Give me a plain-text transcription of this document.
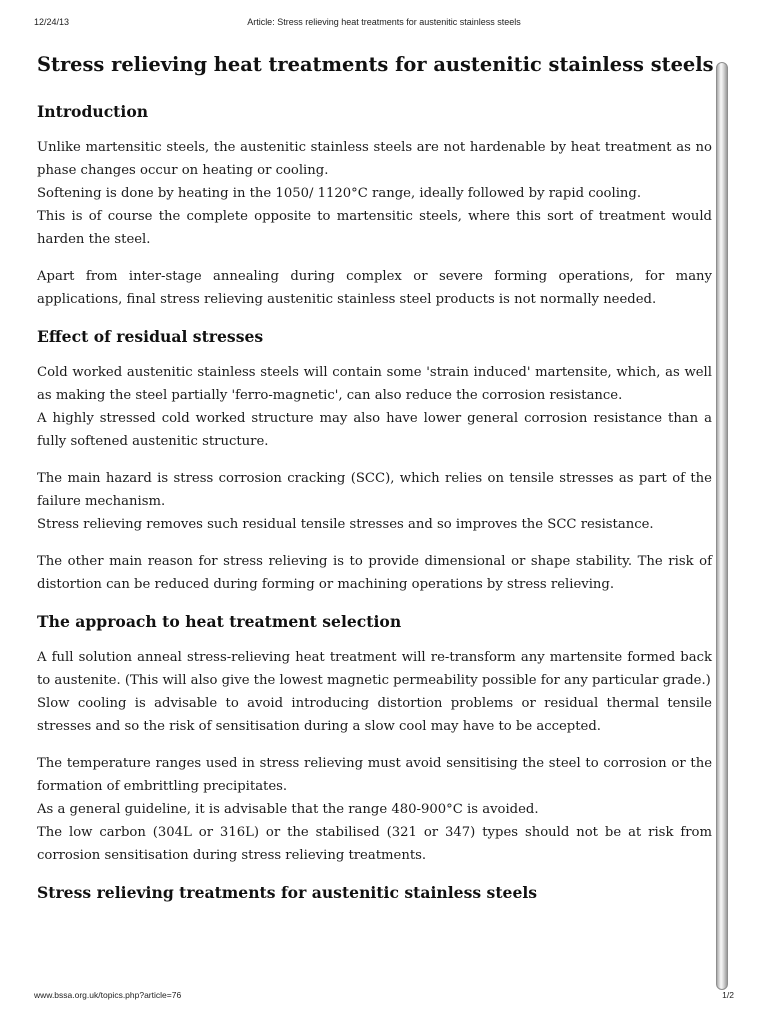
12/24/13	Article: Stress relieving heat treatments for austenitic stainless steels
Stress relieving heat treatments for austenitic stainless steels
Introduction

Unlike martensitic steels, the austenitic stainless steels are not hardenable by heat treatment as no phase changes occur on heating or cooling.
Softening is done by heating in the 1050/ 1120°C range, ideally followed by rapid cooling.
This is of course the complete opposite to martensitic steels, where this sort of treatment would harden the steel.

Apart from inter-stage annealing during complex or severe forming operations, for many applications, final stress relieving austenitic stainless steel products is not normally needed.

Effect of residual stresses

Cold worked austenitic stainless steels will contain some 'strain induced' martensite, which, as well as making the steel partially 'ferro-magnetic', can also reduce the corrosion resistance.
A highly stressed cold worked structure may also have lower general corrosion resistance than a fully softened austenitic structure.

The main hazard is stress corrosion cracking (SCC), which relies on tensile stresses as part of the failure mechanism.
Stress relieving removes such residual tensile stresses and so improves the SCC resistance.

The other main reason for stress relieving is to provide dimensional or shape stability. The risk of distortion can be reduced during forming or machining operations by stress relieving.

The approach to heat treatment selection

A full solution anneal stress-relieving heat treatment will re-transform any martensite formed back to austenite. (This will also give the lowest magnetic permeability possible for any particular grade.)
Slow cooling is advisable to avoid introducing distortion problems or residual thermal tensile stresses and so the risk of sensitisation during a slow cool may have to be accepted.

The temperature ranges used in stress relieving must avoid sensitising the steel to corrosion or the formation of embrittling precipitates.
As a general guideline, it is advisable that the range 480-900°C is avoided.
The low carbon (304L or 316L) or the stabilised (321 or 347) types should not be at risk from corrosion sensitisation during stress relieving treatments.

Stress relieving treatments for austenitic stainless steels
www.bssa.org.uk/topics.php?article=76	1/2
